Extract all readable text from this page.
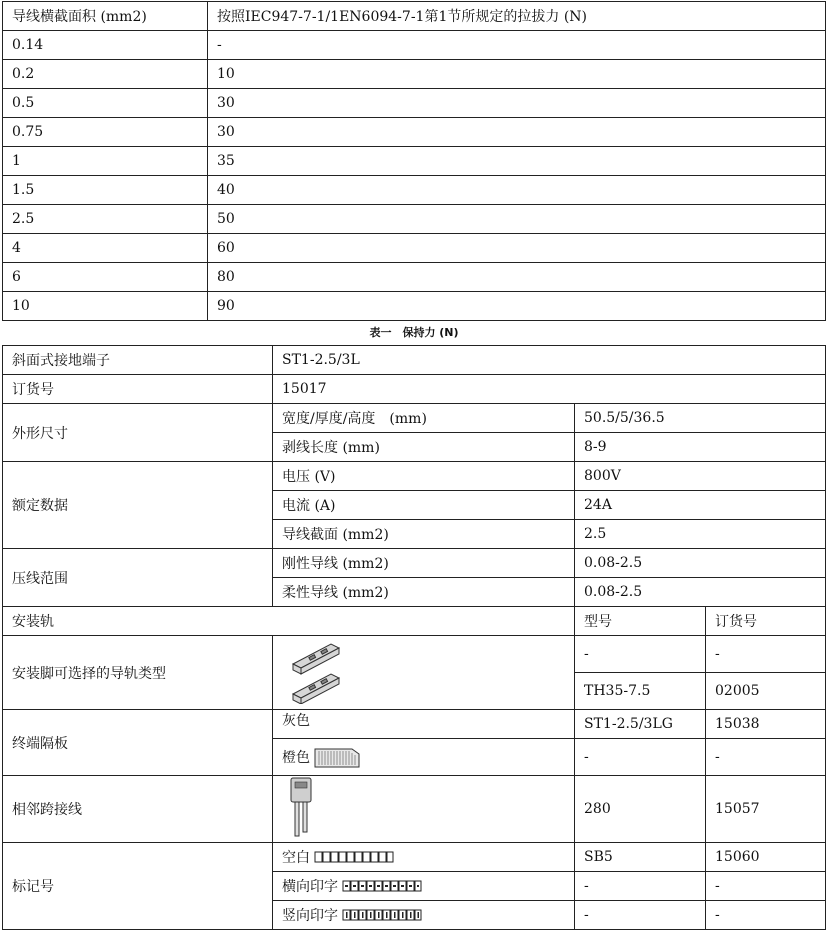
导线横截面积 (mm2)	按照IEC947-7-1/1EN6094-7-1第1节所规定的拉拔力 (N)
0.14	-
0.2	10
0.5	30
0.75	30
1	35
1.5	40
2.5	50
4	60
6	80
10	90
表一　保持力 (N)
斜面式接地端子	ST1-2.5/3L		
订货号	15017		
外形尺寸	宽度/厚度/高度　(mm)	50.5/5/36.5	
	剥线长度 (mm)	8-9	
额定数据	电压 (V)	800V	
	电流 (A)	24A	
	导线截面 (mm2)	2.5	
压线范围	刚性导线 (mm2)	0.08-2.5	
	柔性导线 (mm2)	0.08-2.5	
安装轨		型号	订货号
安装脚可选择的导轨类型		-	-
		TH35-7.5	02005
终端隔板	灰色	ST1-2.5/3LG	15038

	橙色	-	-
相邻跨接线		280	15057
标记号	空白	SB5	15060

	横向印字	-	-

	竖向印字	-	-
